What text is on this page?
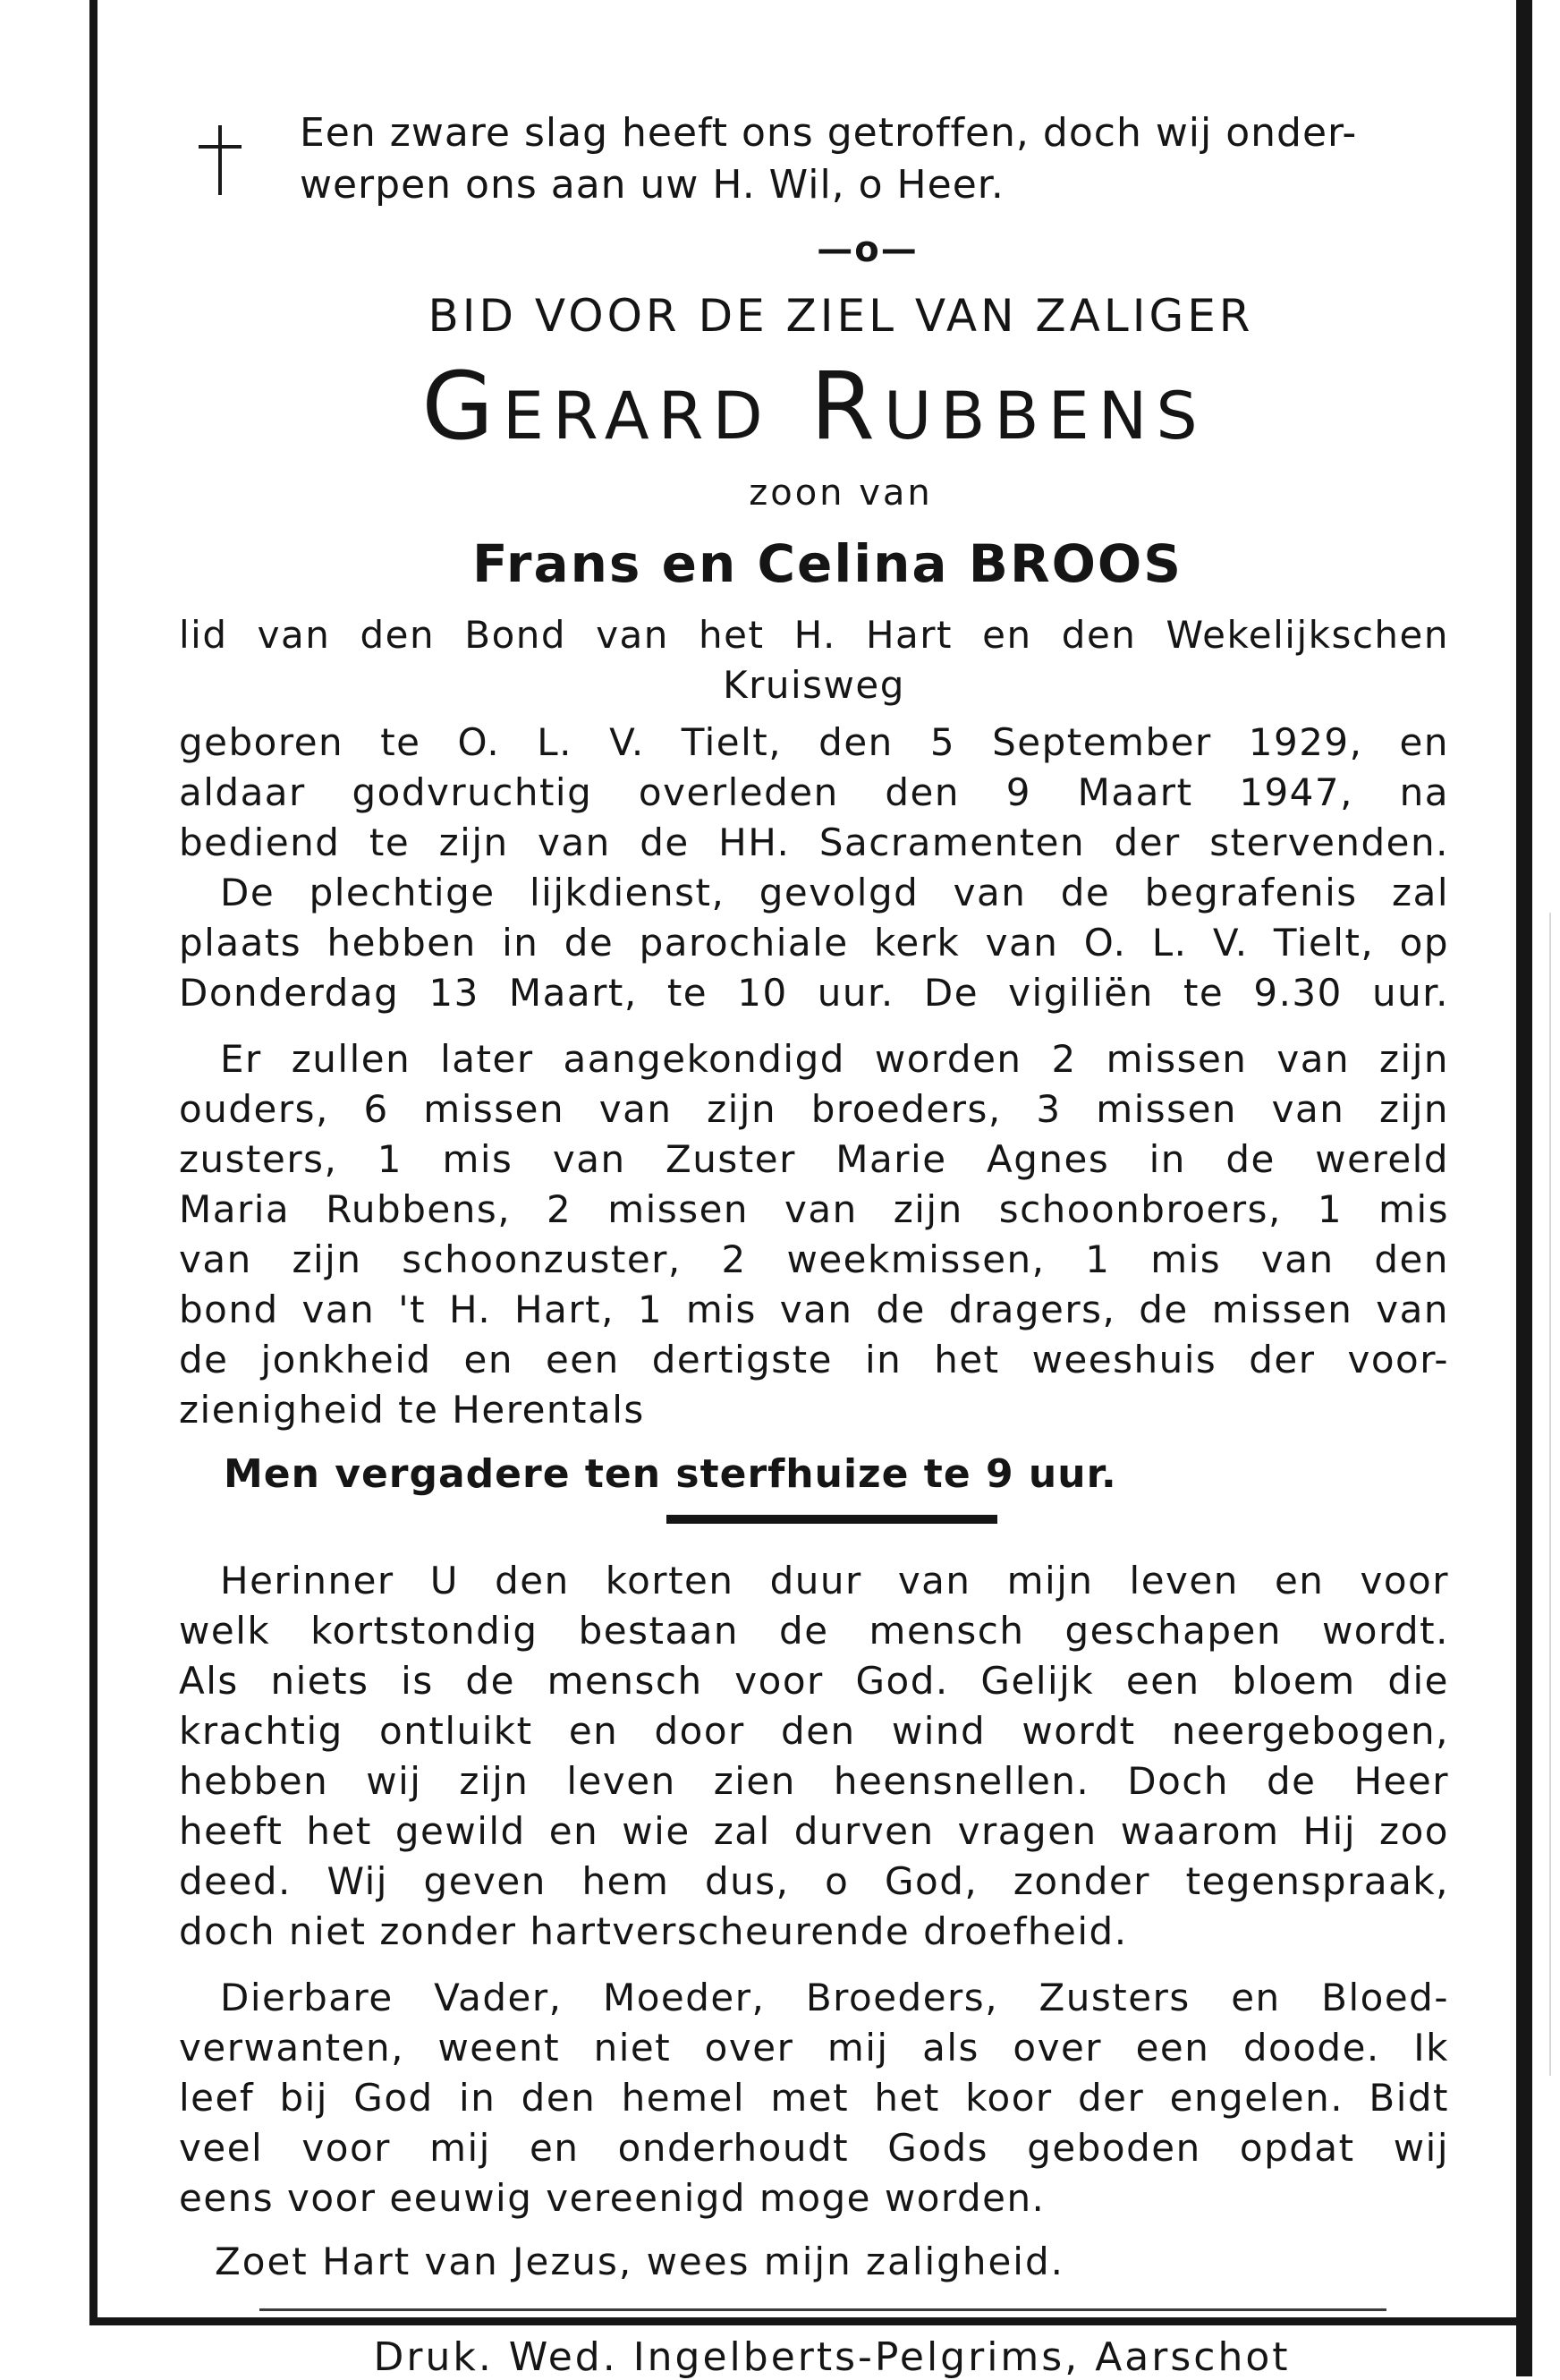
Een zware slag heeft ons getroffen, doch wij onder-
werpen ons aan uw H. Wil, o Heer.
—o—
BID VOOR DE ZIEL VAN ZALIGER
Gerard Rubbens
zoon van
Frans en Celina BROOS
lid van den Bond van het H. Hart en den Wekelijkschen
Kruisweg
geboren te O. L. V. Tielt, den 5 September 1929, en
aldaar godvruchtig overleden den 9 Maart 1947, na
bediend te zijn van de HH. Sacramenten der stervenden.
De plechtige lijkdienst, gevolgd van de begrafenis zal
plaats hebben in de parochiale kerk van O. L. V. Tielt, op
Donderdag 13 Maart, te 10 uur. De vigiliën te 9.30 uur.
Er zullen later aangekondigd worden 2 missen van zijn
ouders, 6 missen van zijn broeders, 3 missen van zijn
zusters, 1 mis van Zuster Marie Agnes in de wereld
Maria Rubbens, 2 missen van zijn schoonbroers, 1 mis
van zijn schoonzuster, 2 weekmissen, 1 mis van den
bond van 't H. Hart, 1 mis van de dragers, de missen van
de jonkheid en een dertigste in het weeshuis der voor-
zienigheid te Herentals
Men vergadere ten sterfhuize te 9 uur.
Herinner U den korten duur van mijn leven en voor
welk kortstondig bestaan de mensch geschapen wordt.
Als niets is de mensch voor God. Gelijk een bloem die
krachtig ontluikt en door den wind wordt neergebogen,
hebben wij zijn leven zien heensnellen. Doch de Heer
heeft het gewild en wie zal durven vragen waarom Hij zoo
deed. Wij geven hem dus, o God, zonder tegenspraak,
doch niet zonder hartverscheurende droefheid.
Dierbare Vader, Moeder, Broeders, Zusters en Bloed-
verwanten, weent niet over mij als over een doode. Ik
leef bij God in den hemel met het koor der engelen. Bidt
veel voor mij en onderhoudt Gods geboden opdat wij
eens voor eeuwig vereenigd moge worden.
Zoet Hart van Jezus, wees mijn zaligheid.
Druk. Wed. Ingelberts-Pelgrims, Aarschot
